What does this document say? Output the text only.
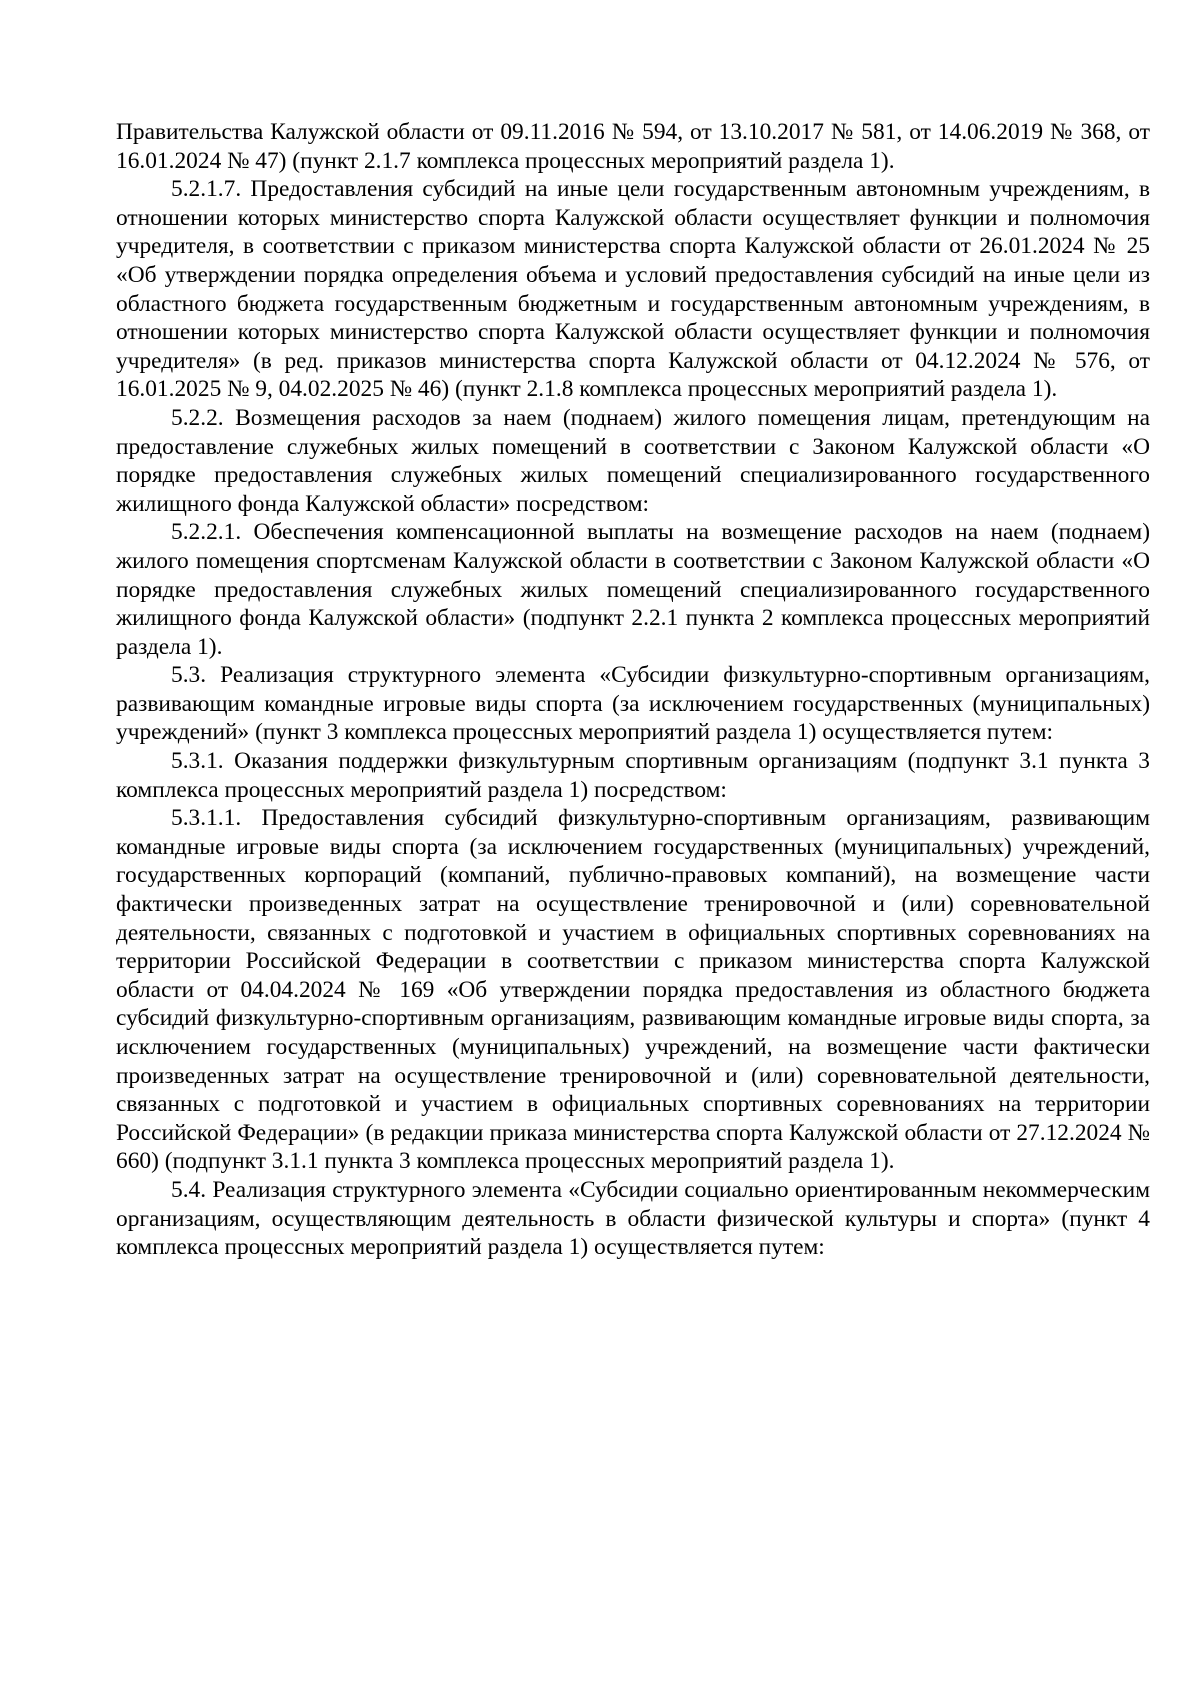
Правительства Калужской области от 09.11.2016 № 594, от 13.10.2017 № 581, от 14.06.2019 № 368, от 16.01.2024 № 47) (пункт 2.1.7 комплекса процессных мероприятий раздела 1).

5.2.1.7. Предоставления субсидий на иные цели государственным автономным учреждениям, в отношении которых министерство спорта Калужской области осуществляет функции и полномочия учредителя, в соответствии с приказом министерства спорта Калужской области от 26.01.2024 № 25 «Об утверждении порядка определения объема и условий предоставления субсидий на иные цели из областного бюджета государственным бюджетным и государственным автономным учреждениям, в отношении которых министерство спорта Калужской области осуществляет функции и полномочия учредителя» (в ред. приказов министерства спорта Калужской области от 04.12.2024 № 576, от 16.01.2025 № 9, 04.02.2025 № 46) (пункт 2.1.8 комплекса процессных мероприятий раздела 1).

5.2.2. Возмещения расходов за наем (поднаем) жилого помещения лицам, претендующим на предоставление служебных жилых помещений в соответствии с Законом Калужской области «О порядке предоставления служебных жилых помещений специализированного государственного жилищного фонда Калужской области» посредством:

5.2.2.1. Обеспечения компенсационной выплаты на возмещение расходов на наем (поднаем) жилого помещения спортсменам Калужской области в соответствии с Законом Калужской области «О порядке предоставления служебных жилых помещений специализированного государственного жилищного фонда Калужской области» (подпункт 2.2.1 пункта 2 комплекса процессных мероприятий раздела 1).

5.3. Реализация структурного элемента «Субсидии физкультурно-спортивным организациям, развивающим командные игровые виды спорта (за исключением государственных (муниципальных) учреждений» (пункт 3 комплекса процессных мероприятий раздела 1) осуществляется путем:

5.3.1. Оказания поддержки физкультурным спортивным организациям (подпункт 3.1 пункта 3 комплекса процессных мероприятий раздела 1) посредством:

5.3.1.1. Предоставления субсидий физкультурно-спортивным организациям, развивающим командные игровые виды спорта (за исключением государственных (муниципальных) учреждений, государственных корпораций (компаний, публично-правовых компаний), на возмещение части фактически произведенных затрат на осуществление тренировочной и (или) соревновательной деятельности, связанных с подготовкой и участием в официальных спортивных соревнованиях на территории Российской Федерации в соответствии с приказом министерства спорта Калужской области от 04.04.2024 № 169 «Об утверждении порядка предоставления из областного бюджета субсидий физкультурно-спортивным организациям, развивающим командные игровые виды спорта, за исключением государственных (муниципальных) учреждений, на возмещение части фактически произведенных затрат на осуществление тренировочной и (или) соревновательной деятельности, связанных с подготовкой и участием в официальных спортивных соревнованиях на территории Российской Федерации» (в редакции приказа министерства спорта Калужской области от 27.12.2024 № 660) (подпункт 3.1.1 пункта 3 комплекса процессных мероприятий раздела 1).

5.4. Реализация структурного элемента «Субсидии социально ориентированным некоммерческим организациям, осуществляющим деятельность в области физической культуры и спорта» (пункт 4 комплекса процессных мероприятий раздела 1) осуществляется путем:
